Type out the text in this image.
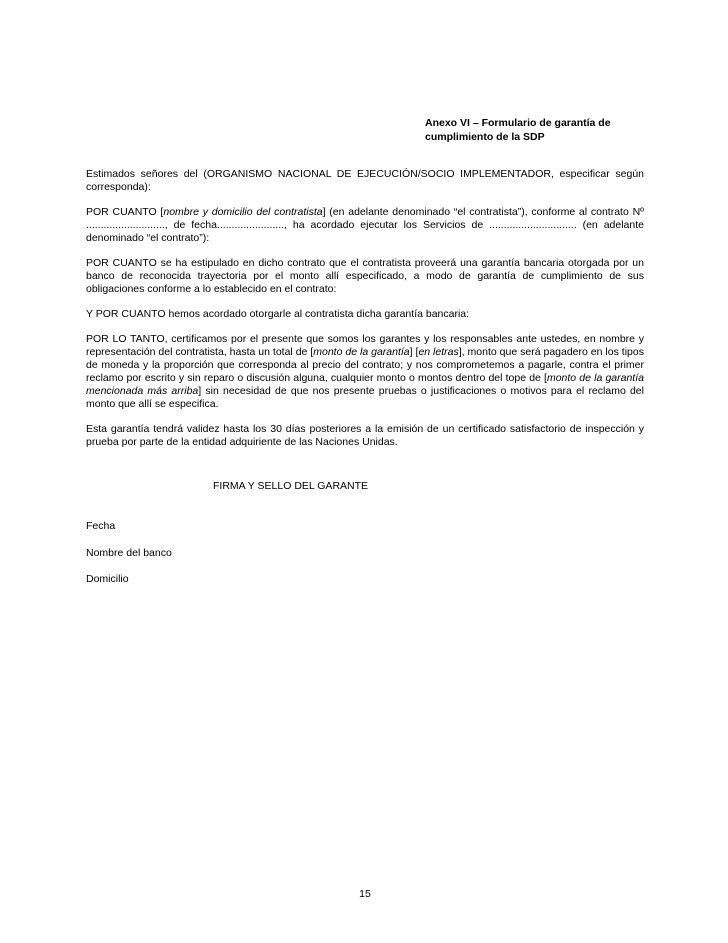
Anexo VI – Formulario de garantía de
cumplimiento de la SDP

Estimados señores del (ORGANISMO NACIONAL DE EJECUCIÓN/SOCIO IMPLEMENTADOR, especificar según corresponda):

POR CUANTO [nombre y domicilio del contratista] (en adelante denominado “el contratista”), conforme al contrato Nº ..........................., de fecha......................., ha acordado ejecutar los Servicios de .............................. (en adelante denominado “el contrato”):

POR CUANTO se ha estipulado en dicho contrato que el contratista proveerá una garantía bancaria otorgada por un banco de reconocida trayectoria por el monto allí especificado, a modo de garantía de cumplimiento de sus obligaciones conforme a lo establecido en el contrato:

Y POR CUANTO hemos acordado otorgarle al contratista dicha garantía bancaria:

POR LO TANTO, certificamos por el presente que somos los garantes y los responsables ante ustedes, en nombre y representación del contratista, hasta un total de [monto de la garantía] [en letras], monto que será pagadero en los tipos de moneda y la proporción que corresponda al precio del contrato; y nos comprometemos a pagarle, contra el primer reclamo por escrito y sin reparo o discusión alguna, cualquier monto o montos dentro del tope de [monto de la garantía mencionada más arriba] sin necesidad de que nos presente pruebas o justificaciones o motivos para el reclamo del monto que allí se especifica.

Esta garantía tendrá validez hasta los 30 días posteriores a la emisión de un certificado satisfactorio de inspección y prueba por parte de la entidad adquiriente de las Naciones Unidas.

FIRMA Y SELLO DEL GARANTE
Fecha
Nombre del banco
Domicilio
15
